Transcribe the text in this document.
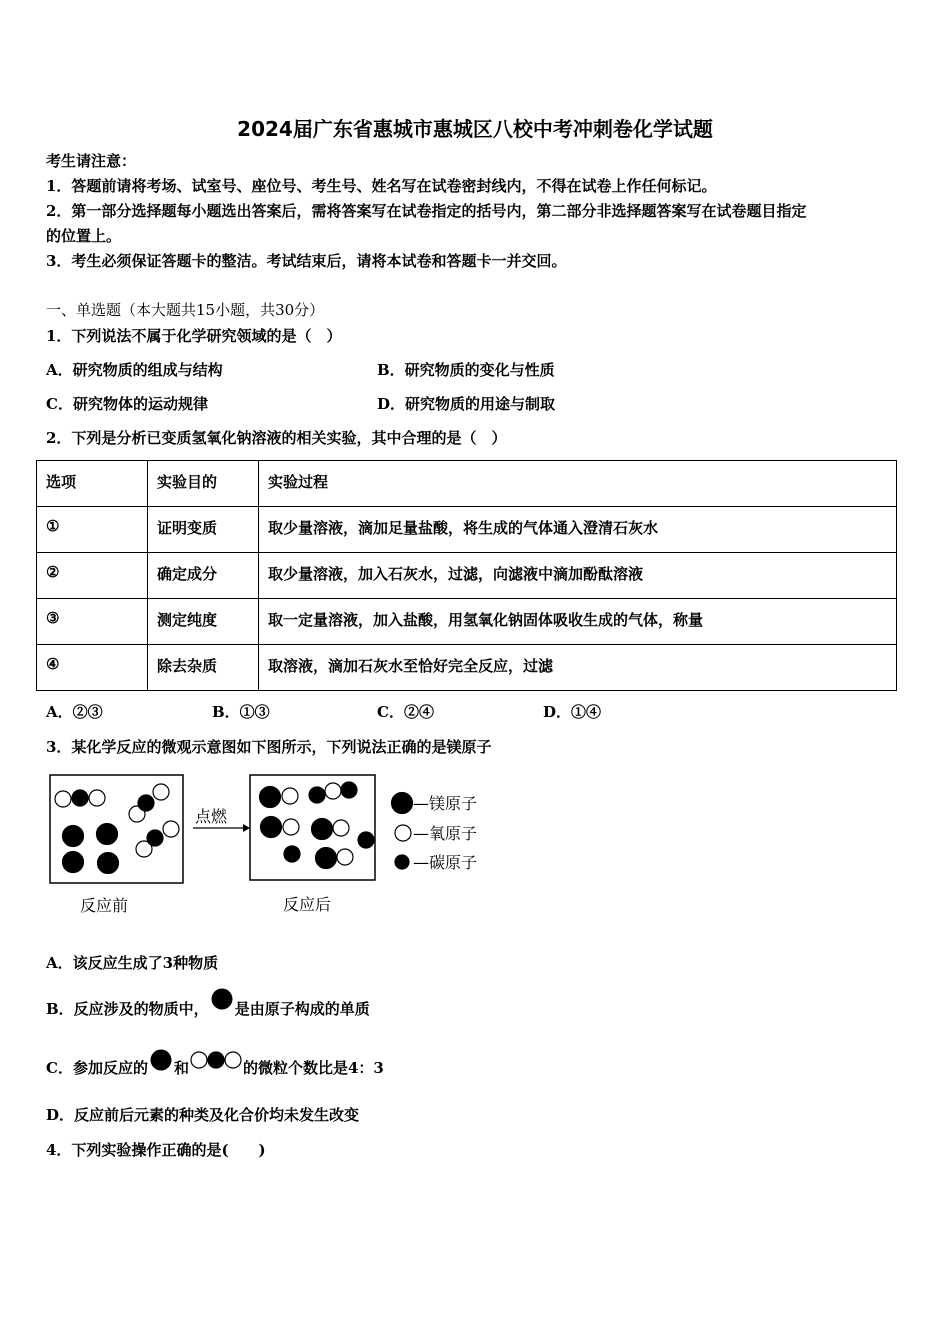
2024届广东省惠城市惠城区八校中考冲刺卷化学试题
考生请注意：
1．答题前请将考场、试室号、座位号、考生号、姓名写在试卷密封线内，不得在试卷上作任何标记。
2．第一部分选择题每小题选出答案后，需将答案写在试卷指定的括号内，第二部分非选择题答案写在试卷题目指定
的位置上。
3．考生必须保证答题卡的整洁。考试结束后，请将本试卷和答题卡一并交回。
一、单选题（本大题共15小题，共30分）
1．下列说法不属于化学研究领域的是（　）
A．研究物质的组成与结构	B．研究物质的变化与性质
C．研究物体的运动规律	D．研究物质的用途与制取
2．下列是分析已变质氢氧化钠溶液的相关实验，其中合理的是（　）
选项	实验目的	实验过程
①	证明变质	取少量溶液，滴加足量盐酸，将生成的气体通入澄清石灰水
②	确定成分	取少量溶液，加入石灰水，过滤，向滤液中滴加酚酞溶液
③	测定纯度	取一定量溶液，加入盐酸，用氢氧化钠固体吸收生成的气体，称量
④	除去杂质	取溶液，滴加石灰水至恰好完全反应，过滤
A．②③	B．①③	C．②④	D．①④
3．某化学反应的微观示意图如下图所示，下列说法正确的是镁原子
点燃
—镁原子
—氧原子
—碳原子
反应前	反应后
A．该反应生成了3种物质
B．反应涉及的物质中， 是由原子构成的单质
C．参加反应的 和	的微粒个数比是4：3
D．反应前后元素的种类及化合价均未发生改变
4．下列实验操作正确的是(　　)
